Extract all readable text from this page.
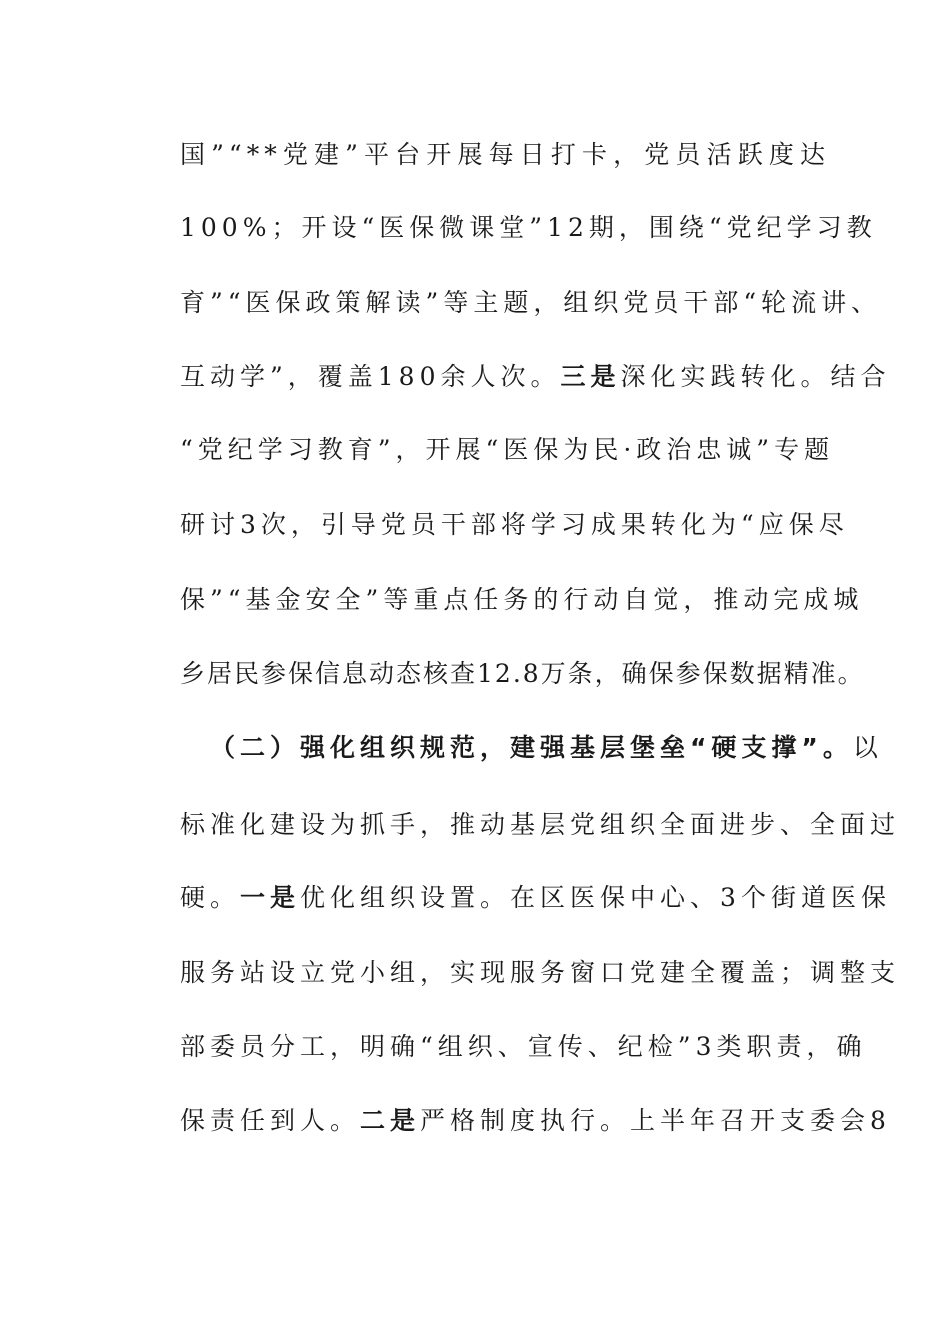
国”“**党建”平台开展每日打卡，党员活跃度达
100%；开设“医保微课堂”12期，围绕“党纪学习教
育”“医保政策解读”等主题，组织党员干部“轮流讲、
互动学”，覆盖180余人次。三是深化实践转化。结合
“党纪学习教育”，开展“医保为民·政治忠诚”专题
研讨3次，引导党员干部将学习成果转化为“应保尽
保”“基金安全”等重点任务的行动自觉，推动完成城
乡居民参保信息动态核查12.8万条，确保参保数据精准。
（二）强化组织规范，建强基层堡垒“硬支撑”。以
标准化建设为抓手，推动基层党组织全面进步、全面过
硬。一是优化组织设置。在区医保中心、3个街道医保
服务站设立党小组，实现服务窗口党建全覆盖；调整支
部委员分工，明确“组织、宣传、纪检”3类职责，确
保责任到人。二是严格制度执行。上半年召开支委会8
